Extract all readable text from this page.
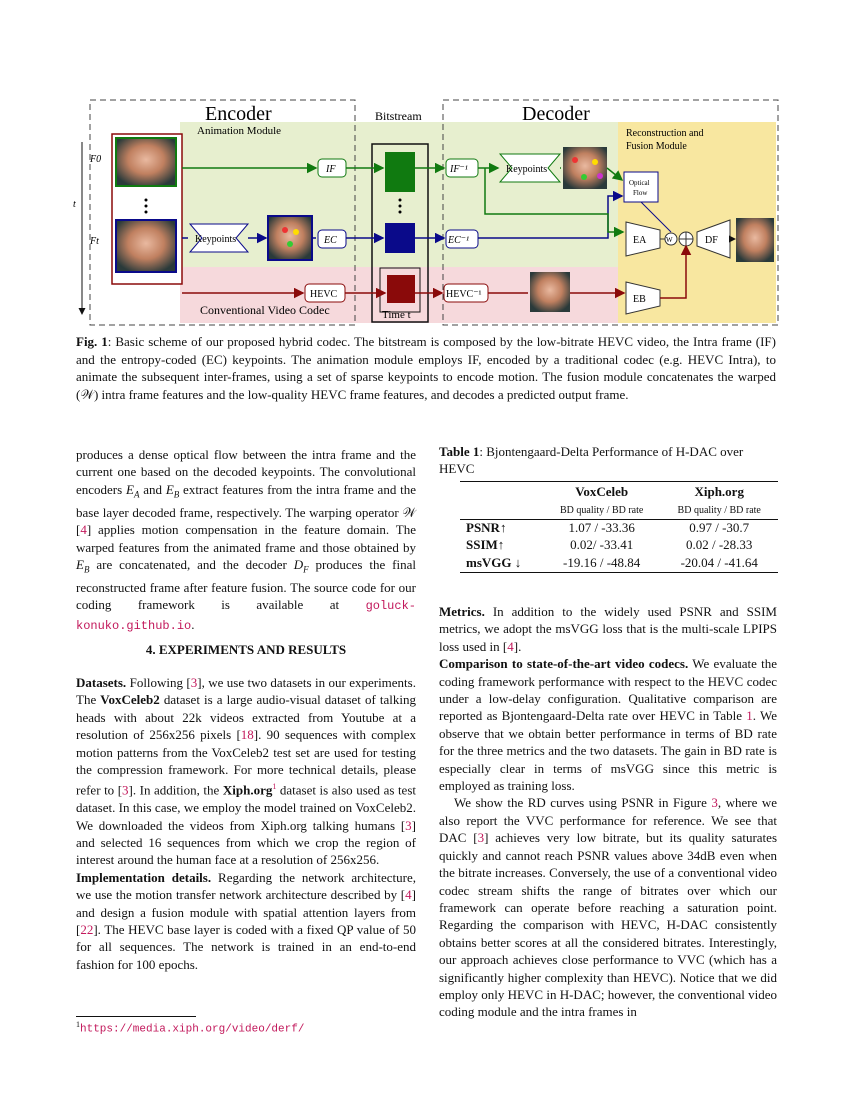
Encoder
Animation Module
Bitstream	Decoder
Reconstruction and
Fusion Module
Conventional Video Codec
t
F0
Ft	Keypoints
IF
EC
HEVC
Time t
IF⁻¹
EC⁻¹
HEVC⁻¹
Keypoints
Optical
Flow
EA
EB
W	DF
Fig. 1: Basic scheme of our proposed hybrid codec. The bitstream is composed by the low-bitrate HEVC video, the Intra frame (IF) and the entropy-coded (EC) keypoints. The animation module employs IF, encoded by a traditional codec (e.g. HEVC Intra), to animate the subsequent inter-frames, using a set of sparse keypoints to encode motion. The fusion module concatenates the warped (𝒲) intra frame features and the low-quality HEVC frame features, and decodes a predicted output frame.

produces a dense optical flow between the intra frame and the current one based on the decoded keypoints. The convolutional encoders $E_A$ and $E_B$ extract features from the intra frame and the base layer decoded frame, respectively. The warping operator 𝒲 [4] applies motion compensation in the feature domain. The warped features from the animated frame and those obtained by $E_B$ are concatenated, and the decoder $D_F$ produces the final reconstructed frame after feature fusion. The source code for our coding framework is available at goluck-konuko.github.io.

4. EXPERIMENTS AND RESULTS

Datasets. Following [3], we use two datasets in our experiments. The VoxCeleb2 dataset is a large audio-visual dataset of talking heads with about 22k videos extracted from Youtube at a resolution of 256x256 pixels [18]. 90 sequences with complex motion patterns from the VoxCeleb2 test set are used for testing the compression framework. For more technical details, please refer to [3]. In addition, the Xiph.org$^1$ dataset is also used as test dataset. In this case, we employ the model trained on VoxCeleb2. We downloaded the videos from Xiph.org talking humans [3] and selected 16 sequences from which we crop the region of interest around the human face at a resolution of 256x256.

Implementation details. Regarding the network architecture, we use the motion transfer network architecture described by [4] and design a fusion module with spatial attention layers from [22]. The HEVC base layer is coded with a fixed QP value of 50 for all sequences. The network is trained in an end-to-end fashion for 100 epochs.

$^1$https://media.xiph.org/video/derf/

Table 1: Bjontengaard-Delta Performance of H-DAC over HEVC

	VoxCeleb	Xiph.org
	BD quality / BD rate	BD quality / BD rate
PSNR↑	1.07 / -33.36	0.97 / -30.7
SSIM↑	0.02/ -33.41	0.02 / -28.33
msVGG ↓	-19.16 / -48.84	-20.04 / -41.64

Metrics. In addition to the widely used PSNR and SSIM metrics, we adopt the msVGG loss that is the multi-scale LPIPS loss used in [4].

Comparison to state-of-the-art video codecs. We evaluate the coding framework performance with respect to the HEVC codec under a low-delay configuration. Qualitative comparison are reported as Bjontengaard-Delta rate over HEVC in Table 1. We observe that we obtain better performance in terms of BD rate for the three metrics and the two datasets. The gain in BD rate is especially clear in terms of msVGG since this metric is employed as training loss.

We show the RD curves using PSNR in Figure 3, where we also report the VVC performance for reference. We see that DAC [3] achieves very low bitrate, but its quality saturates quickly and cannot reach PSNR values above 34dB even when the bitrate increases. Conversely, the use of a conventional video codec stream shifts the range of bitrates over which our framework can operate before reaching a saturation point. Regarding the comparison with HEVC, H-DAC consistently obtains better scores at all the considered bitrates. Interestingly, our approach achieves close performance to VVC (which has a significantly higher complexity than HEVC). Notice that we did employ only HEVC in H-DAC; however, the conventional video coding module and the intra frames in
